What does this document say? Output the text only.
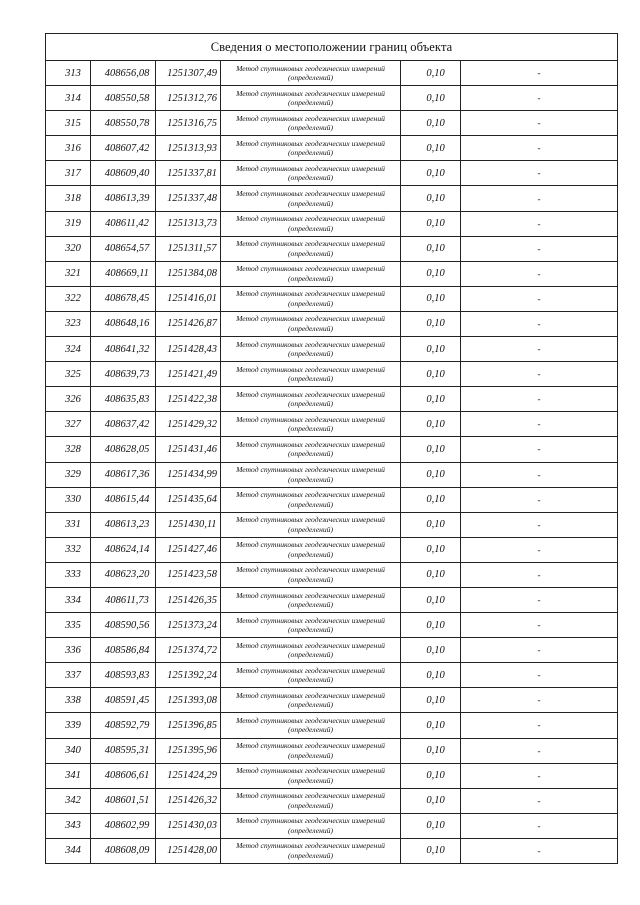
Сведения о местоположении границ объекта					
313	408656,08	1251307,49	Метод спутниковых геодезических измерений (определений)	0,10	-
314	408550,58	1251312,76	Метод спутниковых геодезических измерений (определений)	0,10	-
315	408550,78	1251316,75	Метод спутниковых геодезических измерений (определений)	0,10	-
316	408607,42	1251313,93	Метод спутниковых геодезических измерений (определений)	0,10	-
317	408609,40	1251337,81	Метод спутниковых геодезических измерений (определений)	0,10	-
318	408613,39	1251337,48	Метод спутниковых геодезических измерений (определений)	0,10	-
319	408611,42	1251313,73	Метод спутниковых геодезических измерений (определений)	0,10	-
320	408654,57	1251311,57	Метод спутниковых геодезических измерений (определений)	0,10	-
321	408669,11	1251384,08	Метод спутниковых геодезических измерений (определений)	0,10	-
322	408678,45	1251416,01	Метод спутниковых геодезических измерений (определений)	0,10	-
323	408648,16	1251426,87	Метод спутниковых геодезических измерений (определений)	0,10	-
324	408641,32	1251428,43	Метод спутниковых геодезических измерений (определений)	0,10	-
325	408639,73	1251421,49	Метод спутниковых геодезических измерений (определений)	0,10	-
326	408635,83	1251422,38	Метод спутниковых геодезических измерений (определений)	0,10	-
327	408637,42	1251429,32	Метод спутниковых геодезических измерений (определений)	0,10	-
328	408628,05	1251431,46	Метод спутниковых геодезических измерений (определений)	0,10	-
329	408617,36	1251434,99	Метод спутниковых геодезических измерений (определений)	0,10	-
330	408615,44	1251435,64	Метод спутниковых геодезических измерений (определений)	0,10	-
331	408613,23	1251430,11	Метод спутниковых геодезических измерений (определений)	0,10	-
332	408624,14	1251427,46	Метод спутниковых геодезических измерений (определений)	0,10	-
333	408623,20	1251423,58	Метод спутниковых геодезических измерений (определений)	0,10	-
334	408611,73	1251426,35	Метод спутниковых геодезических измерений (определений)	0,10	-
335	408590,56	1251373,24	Метод спутниковых геодезических измерений (определений)	0,10	-
336	408586,84	1251374,72	Метод спутниковых геодезических измерений (определений)	0,10	-
337	408593,83	1251392,24	Метод спутниковых геодезических измерений (определений)	0,10	-
338	408591,45	1251393,08	Метод спутниковых геодезических измерений (определений)	0,10	-
339	408592,79	1251396,85	Метод спутниковых геодезических измерений (определений)	0,10	-
340	408595,31	1251395,96	Метод спутниковых геодезических измерений (определений)	0,10	-
341	408606,61	1251424,29	Метод спутниковых геодезических измерений (определений)	0,10	-
342	408601,51	1251426,32	Метод спутниковых геодезических измерений (определений)	0,10	-
343	408602,99	1251430,03	Метод спутниковых геодезических измерений (определений)	0,10	-
344	408608,09	1251428,00	Метод спутниковых геодезических измерений (определений)	0,10	-
